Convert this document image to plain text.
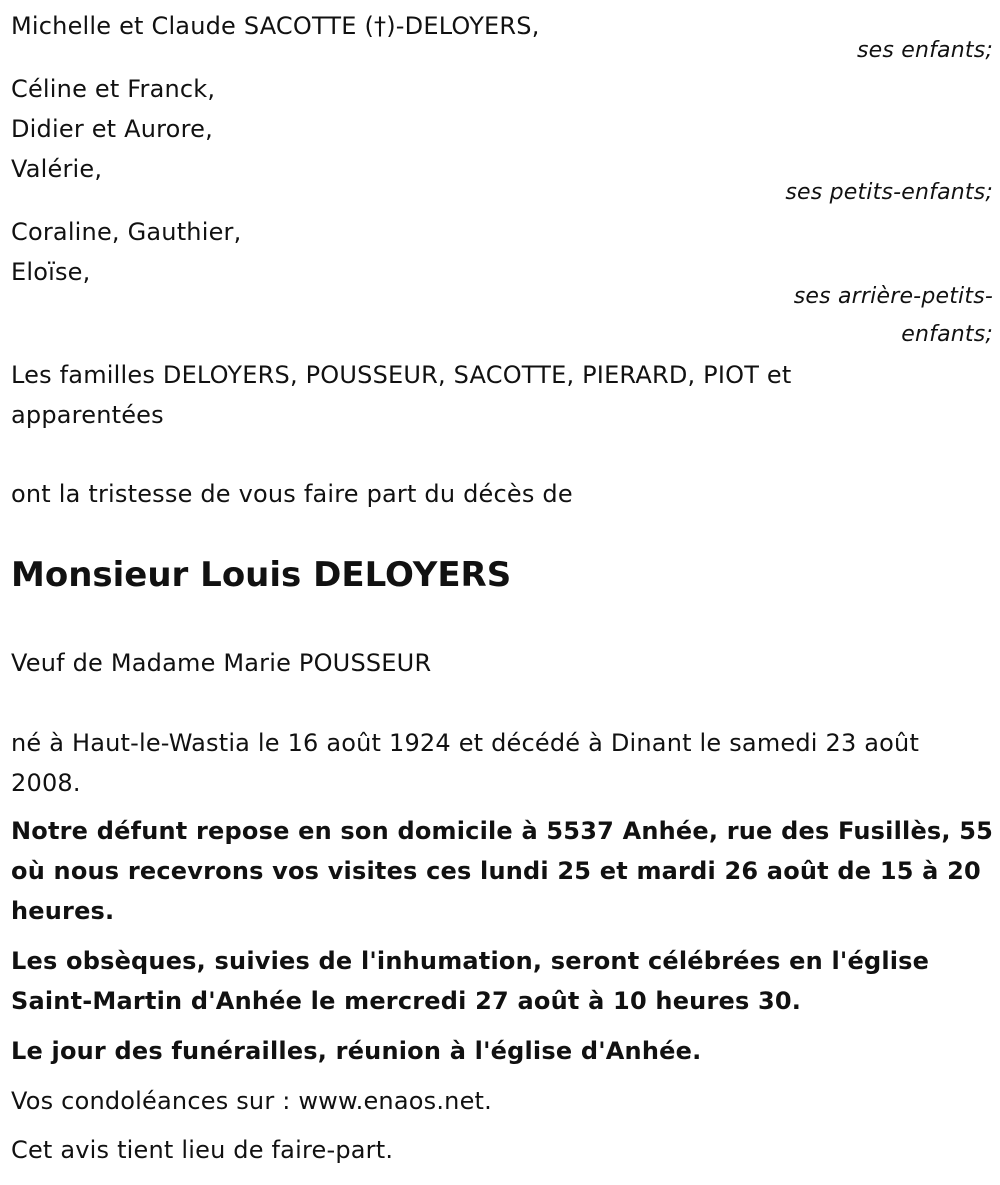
Michelle et Claude SACOTTE (†)-DELOYERS,
ses enfants;
Céline et Franck,
Didier et Aurore,
Valérie,
ses petits-enfants;
Coraline, Gauthier,
Eloïse,
ses arrière-petits-
enfants;
Les familles DELOYERS, POUSSEUR, SACOTTE, PIERARD, PIOT et
apparentées
ont la tristesse de vous faire part du décès de
Monsieur Louis DELOYERS
Veuf de Madame Marie POUSSEUR
né à Haut-le-Wastia le 16 août 1924 et décédé à Dinant le samedi 23 août
2008.
Notre défunt repose en son domicile à 5537 Anhée, rue des Fusillès, 55
où nous recevrons vos visites ces lundi 25 et mardi 26 août de 15 à 20
heures.
Les obsèques, suivies de l'inhumation, seront célébrées en l'église
Saint-Martin d'Anhée le mercredi 27 août à 10 heures 30.
Le jour des funérailles, réunion à l'église d'Anhée.
Vos condoléances sur : www.enaos.net.
Cet avis tient lieu de faire-part.
